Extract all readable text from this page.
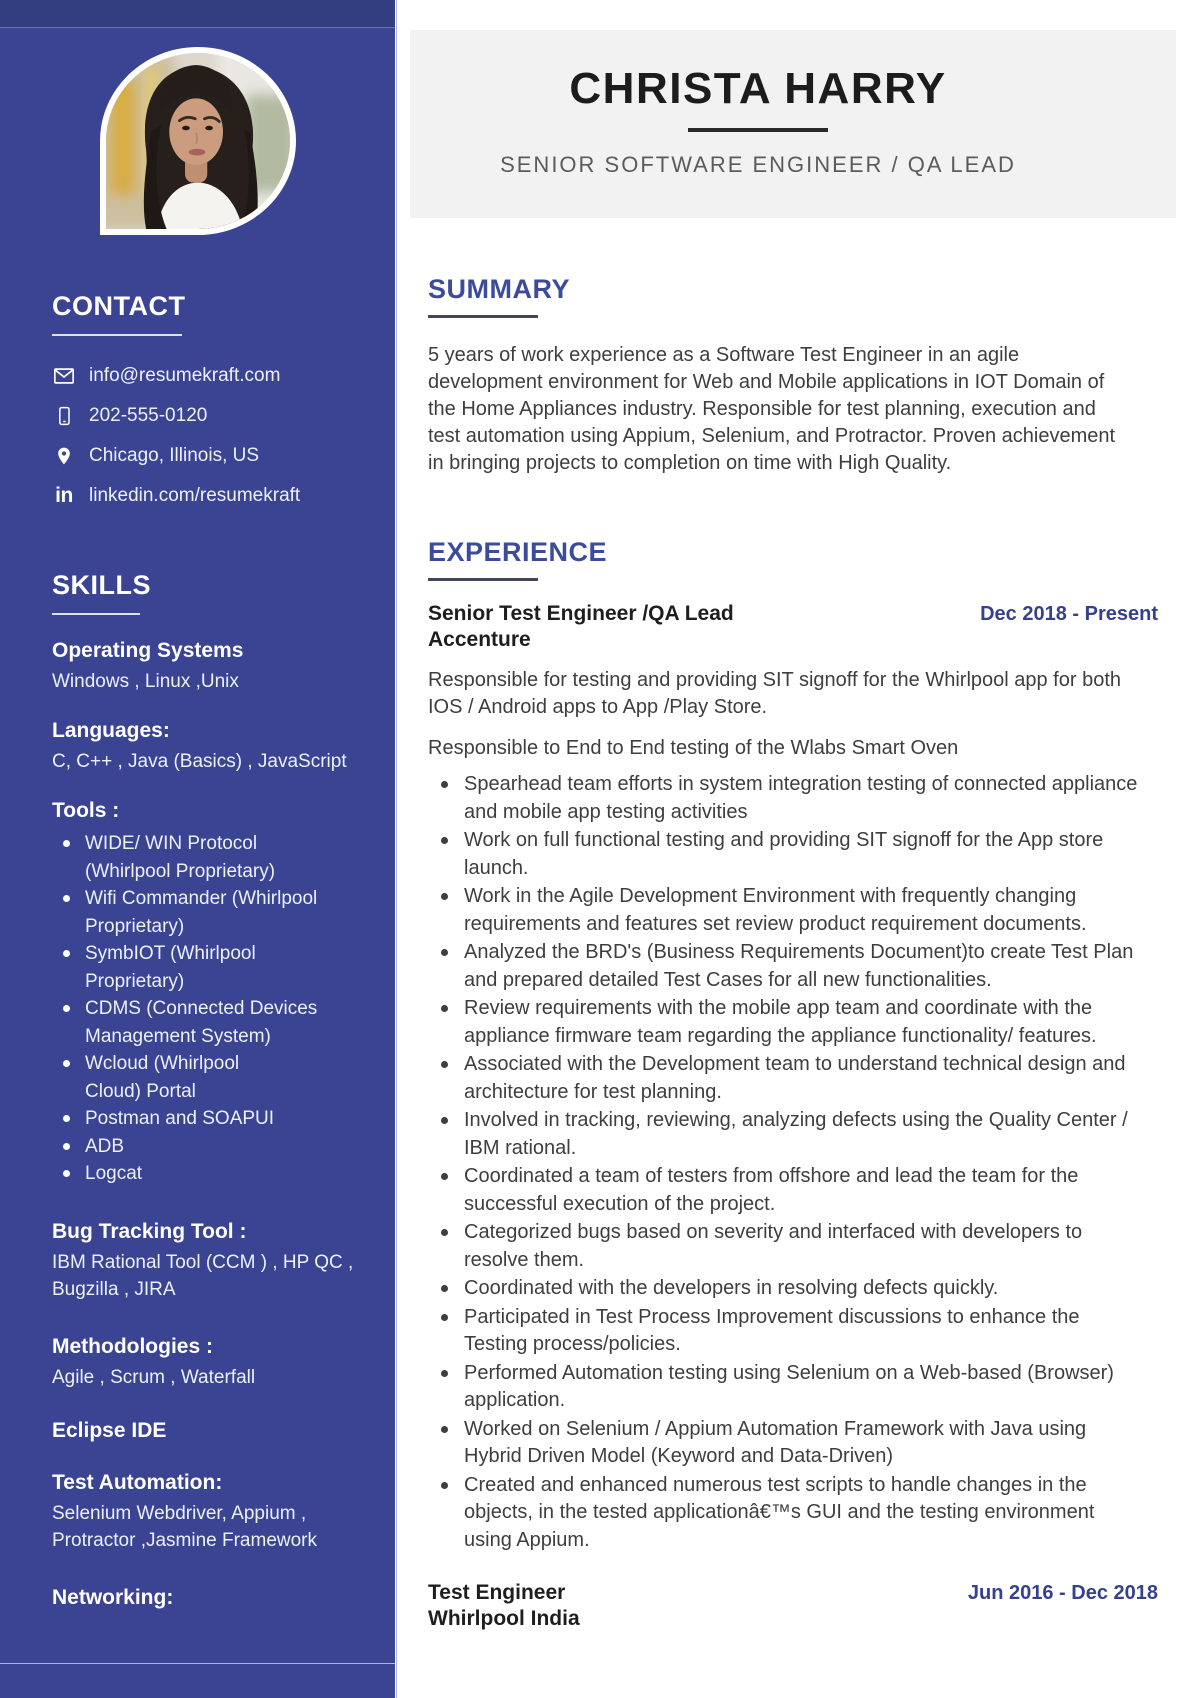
CONTACT
info@resumekraft.com
202-555-0120
Chicago, Illinois, US
in linkedin.com/resumekraft
SKILLS
Operating Systems
Windows , Linux ,Unix
Languages:
C, C++ , Java (Basics) , JavaScript
Tools :
WIDE/ WIN Protocol
(Whirlpool Proprietary)
Wifi Commander (Whirlpool
Proprietary)
SymbIOT (Whirlpool
Proprietary)
CDMS (Connected Devices
Management System)
Wcloud (Whirlpool
Cloud) Portal
Postman and SOAPUI
ADB
Logcat
Bug Tracking Tool :
IBM Rational Tool (CCM ) , HP QC , Bugzilla , JIRA
Methodologies :
Agile , Scrum , Waterfall
Eclipse IDE
Test Automation:
Selenium Webdriver, Appium , Protractor ,Jasmine Framework
Networking:
CHRISTA HARRY
SENIOR SOFTWARE ENGINEER / QA LEAD
SUMMARY

5 years of work experience as a Software Test Engineer in an agile development environment for Web and Mobile applications in IOT Domain of the Home Appliances industry. Responsible for test planning, execution and test automation using Appium, Selenium, and Protractor. Proven achievement in bringing projects to completion on time with High Quality.

EXPERIENCE
Senior Test Engineer /QA Lead
Accenture
Dec 2018 - Present

Responsible for testing and providing SIT signoff for the Whirlpool app for both IOS / Android apps to App /Play Store.

Responsible to End to End testing of the Wlabs Smart Oven

Spearhead team efforts in system integration testing of connected appliance and mobile app testing activities
Work on full functional testing and providing SIT signoff for the App store launch.
Work in the Agile Development Environment with frequently changing requirements and features set review product requirement documents.
Analyzed the BRD's (Business Requirements Document)to create Test Plan and prepared detailed Test Cases for all new functionalities.
Review requirements with the mobile app team and coordinate with the appliance firmware team regarding the appliance functionality/ features.
Associated with the Development team to understand technical design and architecture for test planning.
Involved in tracking, reviewing, analyzing defects using the Quality Center / IBM rational.
Coordinated a team of testers from offshore and lead the team for the successful execution of the project.
Categorized bugs based on severity and interfaced with developers to resolve them.
Coordinated with the developers in resolving defects quickly.
Participated in Test Process Improvement discussions to enhance the Testing process/policies.
Performed Automation testing using Selenium on a Web-based (Browser) application.
Worked on Selenium / Appium Automation Framework with Java using Hybrid Driven Model (Keyword and Data-Driven)
Created and enhanced numerous test scripts to handle changes in the objects, in the tested applicationâ€™s GUI and the testing environment using Appium.
Test Engineer
Whirlpool India
Jun 2016 - Dec 2018
